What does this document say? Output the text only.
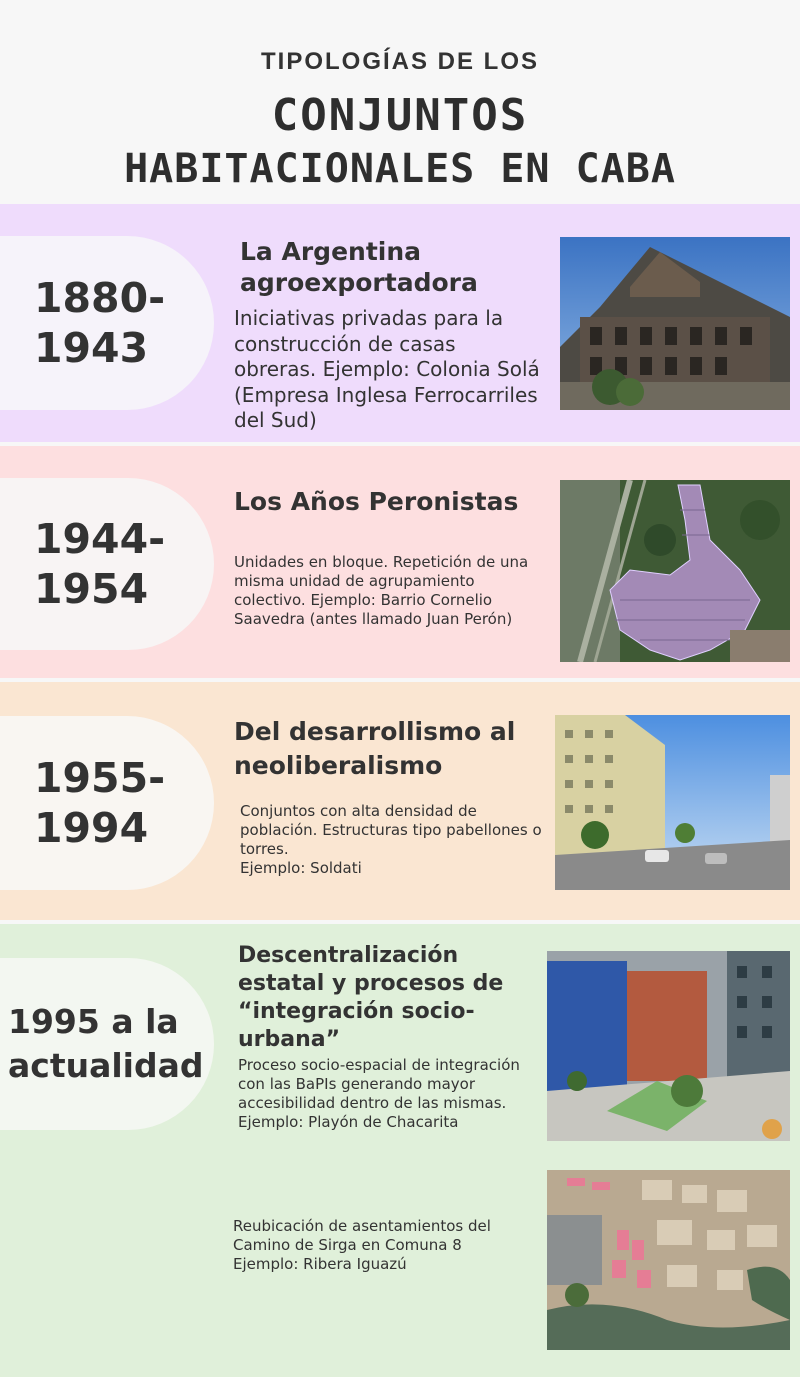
TIPOLOGÍAS DE LOS
CONJUNTOS
HABITACIONALES EN CABA
1880-
1943
La Argentina agroexportadora
Iniciativas privadas para la construcción de casas obreras. Ejemplo: Colonia Solá (Empresa Inglesa Ferrocarriles del Sud)
1944-
1954
Los Años Peronistas
Unidades en bloque. Repetición de una misma unidad de agrupamiento colectivo. Ejemplo: Barrio Cornelio Saavedra (antes llamado Juan Perón)
1955-
1994
Del desarrollismo al neoliberalismo
Conjuntos con alta densidad de población. Estructuras tipo pabellones o torres.
Ejemplo: Soldati
1995 a la
actualidad
Descentralización estatal y procesos de “integración socio-urbana”
Proceso socio-espacial de integración con las BaPIs generando mayor accesibilidad dentro de las mismas.
Ejemplo: Playón de Chacarita
Reubicación de asentamientos del Camino de Sirga en Comuna 8
Ejemplo: Ribera Iguazú
